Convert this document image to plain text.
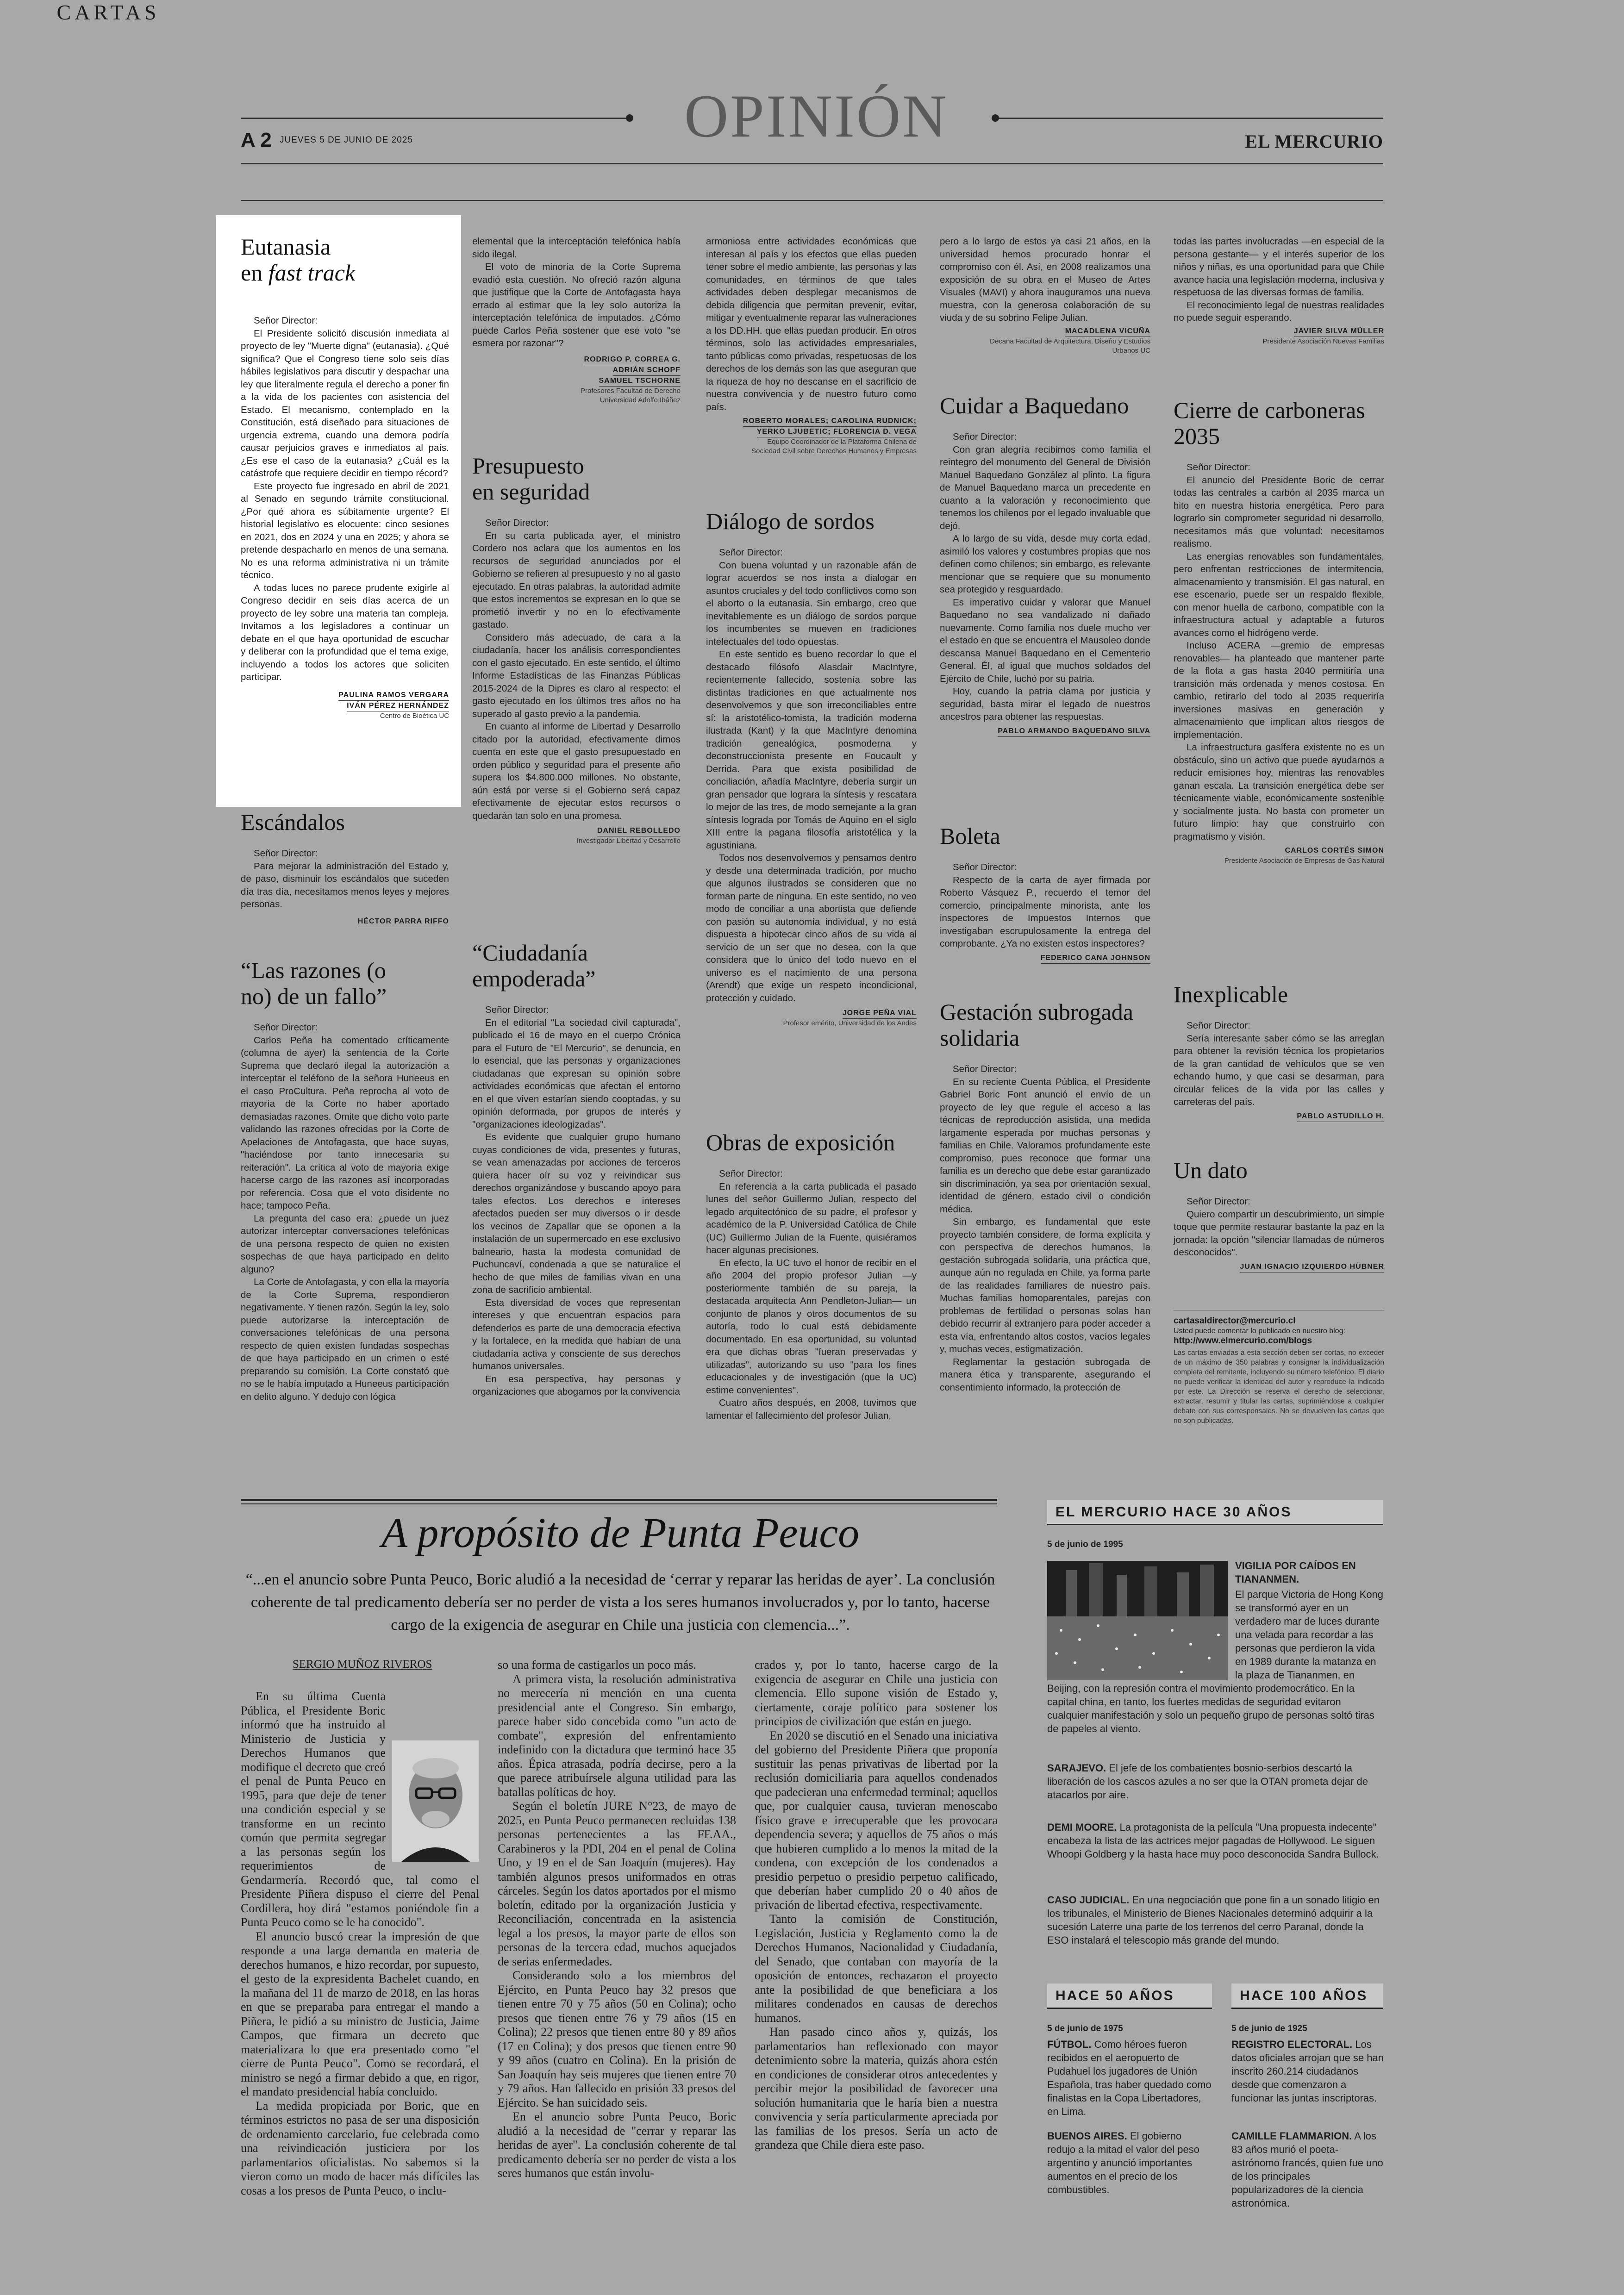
OPINIÓN
A 2 JUEVES 5 DE JUNIO DE 2025	EL MERCURIO
CARTAS
Eutanasia
en fast track

Señor Director:

El Presidente solicitó discusión inmediata al proyecto de ley "Muerte digna" (eutanasia). ¿Qué significa? Que el Congreso tiene solo seis días hábiles legislativos para discutir y despachar una ley que literalmente regula el derecho a poner fin a la vida de los pacientes con asistencia del Estado. El mecanismo, contemplado en la Constitución, está diseñado para situaciones de urgencia extrema, cuando una demora podría causar perjuicios graves e inmediatos al país. ¿Es ese el caso de la eutanasia? ¿Cuál es la catástrofe que requiere decidir en tiempo récord?

Este proyecto fue ingresado en abril de 2021 al Senado en segundo trámite constitucional. ¿Por qué ahora es súbitamente urgente? El historial legislativo es elocuente: cinco sesiones en 2021, dos en 2024 y una en 2025; y ahora se pretende despacharlo en menos de una semana. No es una reforma administrativa ni un trámite técnico.

A todas luces no parece prudente exigirle al Congreso decidir en seis días acerca de un proyecto de ley sobre una materia tan compleja. Invitamos a los legisladores a continuar un debate en el que haya oportunidad de escuchar y deliberar con la profundidad que el tema exige, incluyendo a todos los actores que soliciten participar.

PAULINA RAMOS VERGARA
IVÁN PÉREZ HERNÁNDEZ
Centro de Bioética UC
Escándalos

Señor Director:

Para mejorar la administración del Estado y, de paso, disminuir los escándalos que suceden día tras día, necesitamos menos leyes y mejores personas.

HÉCTOR PARRA RIFFO
“Las razones (o no) de un fallo”

Señor Director:

Carlos Peña ha comentado críticamente (columna de ayer) la sentencia de la Corte Suprema que declaró ilegal la autorización a interceptar el teléfono de la señora Huneeus en el caso ProCultura. Peña reprocha al voto de mayoría de la Corte no haber aportado demasiadas razones. Omite que dicho voto parte validando las razones ofrecidas por la Corte de Apelaciones de Antofagasta, que hace suyas, "haciéndose por tanto innecesaria su reiteración". La crítica al voto de mayoría exige hacerse cargo de las razones así incorporadas por referencia. Cosa que el voto disidente no hace; tampoco Peña.

La pregunta del caso era: ¿puede un juez autorizar interceptar conversaciones telefónicas de una persona respecto de quien no existen sospechas de que haya participado en delito alguno?

La Corte de Antofagasta, y con ella la mayoría de la Corte Suprema, respondieron negativamente. Y tienen razón. Según la ley, solo puede autorizarse la interceptación de conversaciones telefónicas de una persona respecto de quien existen fundadas sospechas de que haya participado en un crimen o esté preparando su comisión. La Corte constató que no se le había imputado a Huneeus participación en delito alguno. Y dedujo con lógica

elemental que la interceptación telefónica había sido ilegal.

El voto de minoría de la Corte Suprema evadió esta cuestión. No ofreció razón alguna que justifique que la Corte de Antofagasta haya errado al estimar que la ley solo autoriza la interceptación telefónica de imputados. ¿Cómo puede Carlos Peña sostener que ese voto "se esmera por razonar"?

RODRIGO P. CORREA G.
ADRIÁN SCHOPF
SAMUEL TSCHORNE
Profesores Facultad de Derecho
Universidad Adolfo Ibáñez
Presupuesto en seguridad

Señor Director:

En su carta publicada ayer, el ministro Cordero nos aclara que los aumentos en los recursos de seguridad anunciados por el Gobierno se refieren al presupuesto y no al gasto ejecutado. En otras palabras, la autoridad admite que estos incrementos se expresan en lo que se prometió invertir y no en lo efectivamente gastado.

Considero más adecuado, de cara a la ciudadanía, hacer los análisis correspondientes con el gasto ejecutado. En este sentido, el último Informe Estadísticas de las Finanzas Públicas 2015-2024 de la Dipres es claro al respecto: el gasto ejecutado en los últimos tres años no ha superado al gasto previo a la pandemia.

En cuanto al informe de Libertad y Desarrollo citado por la autoridad, efectivamente dimos cuenta en este que el gasto presupuestado en orden público y seguridad para el presente año supera los $4.800.000 millones. No obstante, aún está por verse si el Gobierno será capaz efectivamente de ejecutar estos recursos o quedarán tan solo en una promesa.

DANIEL REBOLLEDO
Investigador Libertad y Desarrollo
“Ciudadanía empoderada”

Señor Director:

En el editorial "La sociedad civil capturada", publicado el 16 de mayo en el cuerpo Crónica para el Futuro de "El Mercurio", se denuncia, en lo esencial, que las personas y organizaciones ciudadanas que expresan su opinión sobre actividades económicas que afectan el entorno en el que viven estarían siendo cooptadas, y su opinión deformada, por grupos de interés y "organizaciones ideologizadas".

Es evidente que cualquier grupo humano cuyas condiciones de vida, presentes y futuras, se vean amenazadas por acciones de terceros quiera hacer oír su voz y reivindicar sus derechos organizándose y buscando apoyo para tales efectos. Los derechos e intereses afectados pueden ser muy diversos o ir desde los vecinos de Zapallar que se oponen a la instalación de un supermercado en ese exclusivo balneario, hasta la modesta comunidad de Puchuncaví, condenada a que se naturalice el hecho de que miles de familias vivan en una zona de sacrificio ambiental.

Esta diversidad de voces que representan intereses y que encuentran espacios para defenderlos es parte de una democracia efectiva y la fortalece, en la medida que habían de una ciudadanía activa y consciente de sus derechos humanos universales.

En esa perspectiva, hay personas y organizaciones que abogamos por la convivencia

armoniosa entre actividades económicas que interesan al país y los efectos que ellas pueden tener sobre el medio ambiente, las personas y las comunidades, en términos de que tales actividades deben desplegar mecanismos de debida diligencia que permitan prevenir, evitar, mitigar y eventualmente reparar las vulneraciones a los DD.HH. que ellas puedan producir. En otros términos, solo las actividades empresariales, tanto públicas como privadas, respetuosas de los derechos de los demás son las que aseguran que la riqueza de hoy no descanse en el sacrificio de nuestra convivencia y de nuestro futuro como país.

ROBERTO MORALES; CAROLINA RUDNICK;
YERKO LJUBETIC; FLORENCIA D. VEGA
Equipo Coordinador de la Plataforma Chilena de
Sociedad Civil sobre Derechos Humanos y Empresas
Diálogo de sordos

Señor Director:

Con buena voluntad y un razonable afán de lograr acuerdos se nos insta a dialogar en asuntos cruciales y del todo conflictivos como son el aborto o la eutanasia. Sin embargo, creo que inevitablemente es un diálogo de sordos porque los incumbentes se mueven en tradiciones intelectuales del todo opuestas.

En este sentido es bueno recordar lo que el destacado filósofo Alasdair MacIntyre, recientemente fallecido, sostenía sobre las distintas tradiciones en que actualmente nos desenvolvemos y que son irreconciliables entre sí: la aristotélico-tomista, la tradición moderna ilustrada (Kant) y la que MacIntyre denomina tradición genealógica, posmoderna y deconstruccionista presente en Foucault y Derrida. Para que exista posibilidad de conciliación, añadía MacIntyre, debería surgir un gran pensador que lograra la síntesis y rescatara lo mejor de las tres, de modo semejante a la gran síntesis lograda por Tomás de Aquino en el siglo XIII entre la pagana filosofía aristotélica y la agustiniana.

Todos nos desenvolvemos y pensamos dentro y desde una determinada tradición, por mucho que algunos ilustrados se consideren que no forman parte de ninguna. En este sentido, no veo modo de conciliar a una abortista que defiende con pasión su autonomía individual, y no está dispuesta a hipotecar cinco años de su vida al servicio de un ser que no desea, con la que considera que lo único del todo nuevo en el universo es el nacimiento de una persona (Arendt) que exige un respeto incondicional, protección y cuidado.

JORGE PEÑA VIAL
Profesor emérito, Universidad de los Andes
Obras de exposición

Señor Director:

En referencia a la carta publicada el pasado lunes del señor Guillermo Julian, respecto del legado arquitectónico de su padre, el profesor y académico de la P. Universidad Católica de Chile (UC) Guillermo Julian de la Fuente, quisiéramos hacer algunas precisiones.

En efecto, la UC tuvo el honor de recibir en el año 2004 del propio profesor Julian —y posteriormente también de su pareja, la destacada arquitecta Ann Pendleton-Julian— un conjunto de planos y otros documentos de su autoría, todo lo cual está debidamente documentado. En esa oportunidad, su voluntad era que dichas obras "fueran preservadas y utilizadas", autorizando su uso "para los fines educacionales y de investigación (que la UC) estime convenientes".

Cuatro años después, en 2008, tuvimos que lamentar el fallecimiento del profesor Julian,

pero a lo largo de estos ya casi 21 años, en la universidad hemos procurado honrar el compromiso con él. Así, en 2008 realizamos una exposición de su obra en el Museo de Artes Visuales (MAVI) y ahora inauguramos una nueva muestra, con la generosa colaboración de su viuda y de su sobrino Felipe Julian.

MACADLENA VICUÑA
Decana Facultad de Arquitectura, Diseño y Estudios
Urbanos UC
Cuidar a Baquedano

Señor Director:

Con gran alegría recibimos como familia el reintegro del monumento del General de División Manuel Baquedano González al plinto. La figura de Manuel Baquedano marca un precedente en cuanto a la valoración y reconocimiento que tenemos los chilenos por el legado invaluable que dejó.

A lo largo de su vida, desde muy corta edad, asimiló los valores y costumbres propias que nos definen como chilenos; sin embargo, es relevante mencionar que se requiere que su monumento sea protegido y resguardado.

Es imperativo cuidar y valorar que Manuel Baquedano no sea vandalizado ni dañado nuevamente. Como familia nos duele mucho ver el estado en que se encuentra el Mausoleo donde descansa Manuel Baquedano en el Cementerio General. Él, al igual que muchos soldados del Ejército de Chile, luchó por su patria.

Hoy, cuando la patria clama por justicia y seguridad, basta mirar el legado de nuestros ancestros para obtener las respuestas.

PABLO ARMANDO BAQUEDANO SILVA
Boleta

Señor Director:

Respecto de la carta de ayer firmada por Roberto Vásquez P., recuerdo el temor del comercio, principalmente minorista, ante los inspectores de Impuestos Internos que investigaban escrupulosamente la entrega del comprobante. ¿Ya no existen estos inspectores?

FEDERICO CANA JOHNSON
Gestación subrogada solidaria

Señor Director:

En su reciente Cuenta Pública, el Presidente Gabriel Boric Font anunció el envío de un proyecto de ley que regule el acceso a las técnicas de reproducción asistida, una medida largamente esperada por muchas personas y familias en Chile. Valoramos profundamente este compromiso, pues reconoce que formar una familia es un derecho que debe estar garantizado sin discriminación, ya sea por orientación sexual, identidad de género, estado civil o condición médica.

Sin embargo, es fundamental que este proyecto también considere, de forma explícita y con perspectiva de derechos humanos, la gestación subrogada solidaria, una práctica que, aunque aún no regulada en Chile, ya forma parte de las realidades familiares de nuestro país. Muchas familias homoparentales, parejas con problemas de fertilidad o personas solas han debido recurrir al extranjero para poder acceder a esta vía, enfrentando altos costos, vacíos legales y, muchas veces, estigmatización.

Reglamentar la gestación subrogada de manera ética y transparente, asegurando el consentimiento informado, la protección de

todas las partes involucradas —en especial de la persona gestante— y el interés superior de los niños y niñas, es una oportunidad para que Chile avance hacia una legislación moderna, inclusiva y respetuosa de las diversas formas de familia.

El reconocimiento legal de nuestras realidades no puede seguir esperando.

JAVIER SILVA MÜLLER
Presidente Asociación Nuevas Familias
Cierre de carboneras 2035

Señor Director:

El anuncio del Presidente Boric de cerrar todas las centrales a carbón al 2035 marca un hito en nuestra historia energética. Pero para lograrlo sin comprometer seguridad ni desarrollo, necesitamos más que voluntad: necesitamos realismo.

Las energías renovables son fundamentales, pero enfrentan restricciones de intermitencia, almacenamiento y transmisión. El gas natural, en ese escenario, puede ser un respaldo flexible, con menor huella de carbono, compatible con la infraestructura actual y adaptable a futuros avances como el hidrógeno verde.

Incluso ACERA —gremio de empresas renovables— ha planteado que mantener parte de la flota a gas hasta 2040 permitiría una transición más ordenada y menos costosa. En cambio, retirarlo del todo al 2035 requeriría inversiones masivas en generación y almacenamiento que implican altos riesgos de implementación.

La infraestructura gasífera existente no es un obstáculo, sino un activo que puede ayudarnos a reducir emisiones hoy, mientras las renovables ganan escala. La transición energética debe ser técnicamente viable, económicamente sostenible y socialmente justa. No basta con prometer un futuro limpio: hay que construirlo con pragmatismo y visión.

CARLOS CORTÉS SIMON
Presidente Asociación de Empresas de Gas Natural
Inexplicable

Señor Director:

Sería interesante saber cómo se las arreglan para obtener la revisión técnica los propietarios de la gran cantidad de vehículos que se ven echando humo, y que casi se desarman, para circular felices de la vida por las calles y carreteras del país.

PABLO ASTUDILLO H.
Un dato

Señor Director:

Quiero compartir un descubrimiento, un simple toque que permite restaurar bastante la paz en la jornada: la opción "silenciar llamadas de números desconocidos".

JUAN IGNACIO IZQUIERDO HÜBNER
cartasaldirector@mercurio.cl
Usted puede comentar lo publicado en nuestro blog:
http://www.elmercurio.com/blogs
Las cartas enviadas a esta sección deben ser cortas, no exceder de un máximo de 350 palabras y consignar la individualización completa del remitente, incluyendo su número telefónico. El diario no puede verificar la identidad del autor y reproduce la indicada por este. La Dirección se reserva el derecho de seleccionar, extractar, resumir y titular las cartas, suprimiéndose a cualquier debate con sus corresponsales. No se devuelven las cartas que no son publicadas.
A propósito de Punta Peuco
“...en el anuncio sobre Punta Peuco, Boric aludió a la necesidad de ‘cerrar y reparar las heridas de ayer’. La conclusión coherente de tal predicamento debería ser no perder de vista a los seres humanos involucrados y, por lo tanto, hacerse cargo de la exigencia de asegurar en Chile una justicia con clemencia...”.
SERGIO MUÑOZ RIVEROS

En su última Cuenta Pública, el Presidente Boric informó que ha instruido al Ministerio de Justicia y Derechos Humanos que modifique el decreto que creó el penal de Punta Peuco en 1995, para que deje de tener una condición especial y se transforme en un recinto común que permita segregar a las personas según los requerimientos de Gendarmería. Recordó que, tal como el Presidente Piñera dispuso el cierre del Penal Cordillera, hoy dirá "estamos poniéndole fin a Punta Peuco como se le ha conocido".

El anuncio buscó crear la impresión de que responde a una larga demanda en materia de derechos humanos, e hizo recordar, por supuesto, el gesto de la expresidenta Bachelet cuando, en la mañana del 11 de marzo de 2018, en las horas en que se preparaba para entregar el mando a Piñera, le pidió a su ministro de Justicia, Jaime Campos, que firmara un decreto que materializara lo que era presentado como "el cierre de Punta Peuco". Como se recordará, el ministro se negó a firmar debido a que, en rigor, el mandato presidencial había concluido.

La medida propiciada por Boric, que en términos estrictos no pasa de ser una disposición de ordenamiento carcelario, fue celebrada como una reivindicación justiciera por los parlamentarios oficialistas. No sabemos si la vieron como un modo de hacer más difíciles las cosas a los presos de Punta Peuco, o inclu-

so una forma de castigarlos un poco más.

A primera vista, la resolución administrativa no merecería ni mención en una cuenta presidencial ante el Congreso. Sin embargo, parece haber sido concebida como "un acto de combate", expresión del enfrentamiento indefinido con la dictadura que terminó hace 35 años. Épica atrasada, podría decirse, pero a la que parece atribuírsele alguna utilidad para las batallas políticas de hoy.

Según el boletín JURE N°23, de mayo de 2025, en Punta Peuco permanecen recluidas 138 personas pertenecientes a las FF.AA., Carabineros y la PDI, 204 en el penal de Colina Uno, y 19 en el de San Joaquín (mujeres). Hay también algunos presos uniformados en otras cárceles. Según los datos aportados por el mismo boletín, editado por la organización Justicia y Reconciliación, concentrada en la asistencia legal a los presos, la mayor parte de ellos son personas de la tercera edad, muchos aquejados de serias enfermedades.

Considerando solo a los miembros del Ejército, en Punta Peuco hay 32 presos que tienen entre 70 y 75 años (50 en Colina); ocho presos que tienen entre 76 y 79 años (15 en Colina); 22 presos que tienen entre 80 y 89 años (17 en Colina); y dos presos que tienen entre 90 y 99 años (cuatro en Colina). En la prisión de San Joaquín hay seis mujeres que tienen entre 70 y 79 años. Han fallecido en prisión 33 presos del Ejército. Se han suicidado seis.

En el anuncio sobre Punta Peuco, Boric aludió a la necesidad de "cerrar y reparar las heridas de ayer". La conclusión coherente de tal predicamento debería ser no perder de vista a los seres humanos que están involu-

crados y, por lo tanto, hacerse cargo de la exigencia de asegurar en Chile una justicia con clemencia. Ello supone visión de Estado y, ciertamente, coraje político para sostener los principios de civilización que están en juego.

En 2020 se discutió en el Senado una iniciativa del gobierno del Presidente Piñera que proponía sustituir las penas privativas de libertad por la reclusión domiciliaria para aquellos condenados que padecieran una enfermedad terminal; aquellos que, por cualquier causa, tuvieran menoscabo físico grave e irrecuperable que les provocara dependencia severa; y aquellos de 75 años o más que hubieren cumplido a lo menos la mitad de la condena, con excepción de los condenados a presidio perpetuo o presidio perpetuo calificado, que deberían haber cumplido 20 o 40 años de privación de libertad efectiva, respectivamente.

Tanto la comisión de Constitución, Legislación, Justicia y Reglamento como la de Derechos Humanos, Nacionalidad y Ciudadanía, del Senado, que contaban con mayoría de la oposición de entonces, rechazaron el proyecto ante la posibilidad de que beneficiara a los militares condenados en causas de derechos humanos.

Han pasado cinco años y, quizás, los parlamentarios han reflexionado con mayor detenimiento sobre la materia, quizás ahora estén en condiciones de considerar otros antecedentes y percibir mejor la posibilidad de favorecer una solución humanitaria que le haría bien a nuestra convivencia y sería particularmente apreciada por las familias de los presos. Sería un acto de grandeza que Chile diera este paso.

EL MERCURIO HACE 30 AÑOS
5 de junio de 1995
VIGILIA POR CAÍDOS EN TIANANMEN.
El parque Victoria de Hong Kong se transformó ayer en un verdadero mar de luces durante una velada para recordar a las personas que perdieron la vida en 1989 durante la matanza en la plaza de Tiananmen, en Beijing, con la represión contra el movimiento prodemocrático. En la capital china, en tanto, los fuertes medidas de seguridad evitaron cualquier manifestación y solo un pequeño grupo de personas soltó tiras de papeles al viento.
SARAJEVO. El jefe de los combatientes bosnio-serbios descartó la liberación de los cascos azules a no ser que la OTAN prometa dejar de atacarlos por aire.
DEMI MOORE. La protagonista de la película "Una propuesta indecente" encabeza la lista de las actrices mejor pagadas de Hollywood. Le siguen Whoopi Goldberg y la hasta hace muy poco desconocida Sandra Bullock.
CASO JUDICIAL. En una negociación que pone fin a un sonado litigio en los tribunales, el Ministerio de Bienes Nacionales determinó adquirir a la sucesión Laterre una parte de los terrenos del cerro Paranal, donde la ESO instalará el telescopio más grande del mundo.
HACE 50 AÑOS	HACE 100 AÑOS
5 de junio de 1975	5 de junio de 1925
FÚTBOL. Como héroes fueron recibidos en el aeropuerto de Pudahuel los jugadores de Unión Española, tras haber quedado como finalistas en la Copa Libertadores, en Lima.
BUENOS AIRES. El gobierno redujo a la mitad el valor del peso argentino y anunció importantes aumentos en el precio de los combustibles.
REGISTRO ELECTORAL. Los datos oficiales arrojan que se han inscrito 260.214 ciudadanos desde que comenzaron a funcionar las juntas inscriptoras.
CAMILLE FLAMMARION. A los 83 años murió el poeta-astrónomo francés, quien fue uno de los principales popularizadores de la ciencia astronómica.
